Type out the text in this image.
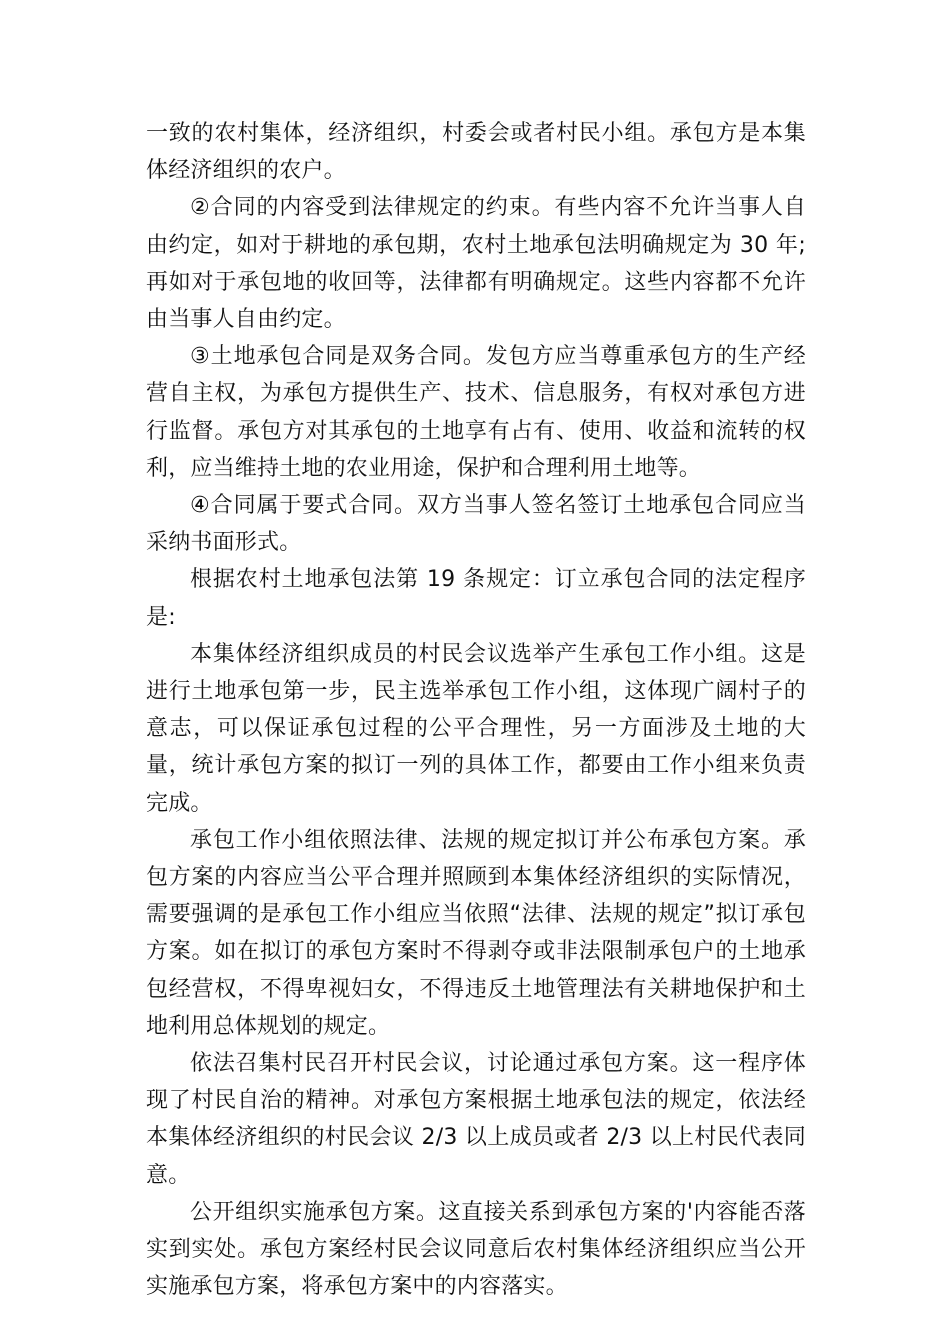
一致的农村集体，经济组织，村委会或者村民小组。承包方是本集体经济组织的农户。

②合同的内容受到法律规定的约束。有些内容不允许当事人自由约定，如对于耕地的承包期，农村土地承包法明确规定为 30 年;再如对于承包地的收回等，法律都有明确规定。这些内容都不允许由当事人自由约定。

③土地承包合同是双务合同。发包方应当尊重承包方的生产经营自主权，为承包方提供生产、技术、信息服务，有权对承包方进行监督。承包方对其承包的土地享有占有、使用、收益和流转的权利，应当维持土地的农业用途，保护和合理利用土地等。

④合同属于要式合同。双方当事人签名签订土地承包合同应当采纳书面形式。

根据农村土地承包法第 19 条规定：订立承包合同的法定程序是:

本集体经济组织成员的村民会议选举产生承包工作小组。这是进行土地承包第一步，民主选举承包工作小组，这体现广阔村子的意志，可以保证承包过程的公平合理性，另一方面涉及土地的大量，统计承包方案的拟订一列的具体工作，都要由工作小组来负责完成。

承包工作小组依照法律、法规的规定拟订并公布承包方案。承包方案的内容应当公平合理并照顾到本集体经济组织的实际情况，需要强调的是承包工作小组应当依照“法律、法规的规定”拟订承包方案。如在拟订的承包方案时不得剥夺或非法限制承包户的土地承包经营权，不得卑视妇女，不得违反土地管理法有关耕地保护和土地利用总体规划的规定。

依法召集村民召开村民会议，讨论通过承包方案。这一程序体现了村民自治的精神。对承包方案根据土地承包法的规定，依法经本集体经济组织的村民会议 2/3 以上成员或者 2/3 以上村民代表同意。

公开组织实施承包方案。这直接关系到承包方案的'内容能否落实到实处。承包方案经村民会议同意后农村集体经济组织应当公开实施承包方案，将承包方案中的内容落实。
